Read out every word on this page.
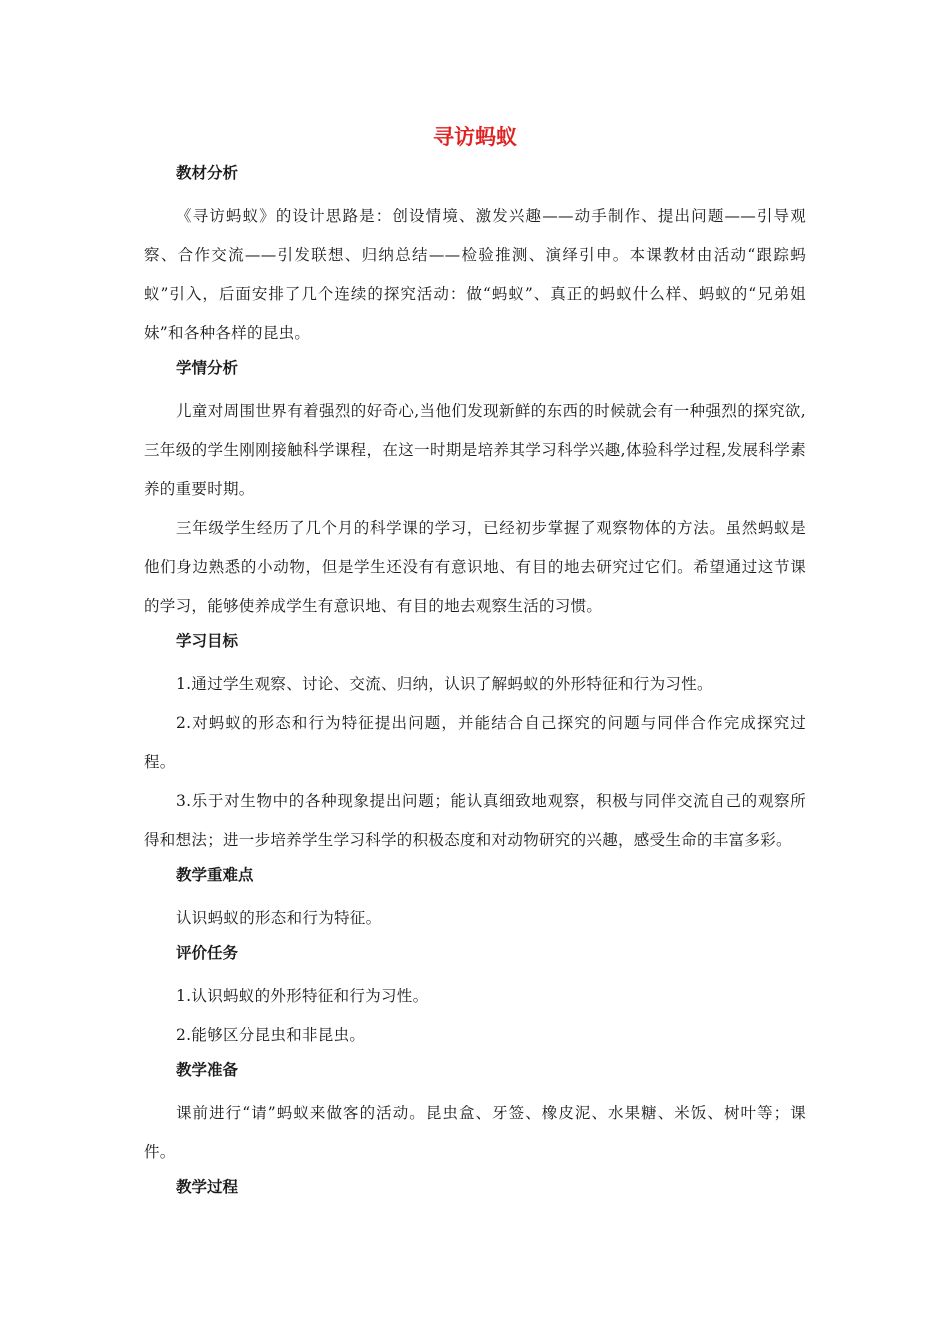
寻访蚂蚁
教材分析

《寻访蚂蚁》的设计思路是：创设情境、激发兴趣——动手制作、提出问题——引导观察、合作交流——引发联想、归纳总结——检验推测、演绎引申。本课教材由活动“跟踪蚂蚁”引入，后面安排了几个连续的探究活动：做“蚂蚁”、真正的蚂蚁什么样、蚂蚁的“兄弟姐妹”和各种各样的昆虫。

学情分析

儿童对周围世界有着强烈的好奇心,当他们发现新鲜的东西的时候就会有一种强烈的探究欲,三年级的学生刚刚接触科学课程，在这一时期是培养其学习科学兴趣,体验科学过程,发展科学素养的重要时期。

三年级学生经历了几个月的科学课的学习，已经初步掌握了观察物体的方法。虽然蚂蚁是他们身边熟悉的小动物，但是学生还没有有意识地、有目的地去研究过它们。希望通过这节课的学习，能够使养成学生有意识地、有目的地去观察生活的习惯。

学习目标

1.通过学生观察、讨论、交流、归纳，认识了解蚂蚁的外形特征和行为习性。

2.对蚂蚁的形态和行为特征提出问题，并能结合自己探究的问题与同伴合作完成探究过程。

3.乐于对生物中的各种现象提出问题；能认真细致地观察，积极与同伴交流自己的观察所得和想法；进一步培养学生学习科学的积极态度和对动物研究的兴趣，感受生命的丰富多彩。

教学重难点

认识蚂蚁的形态和行为特征。

评价任务

1.认识蚂蚁的外形特征和行为习性。

2.能够区分昆虫和非昆虫。

教学准备

课前进行“请”蚂蚁来做客的活动。昆虫盒、牙签、橡皮泥、水果糖、米饭、树叶等；课件。

教学过程
